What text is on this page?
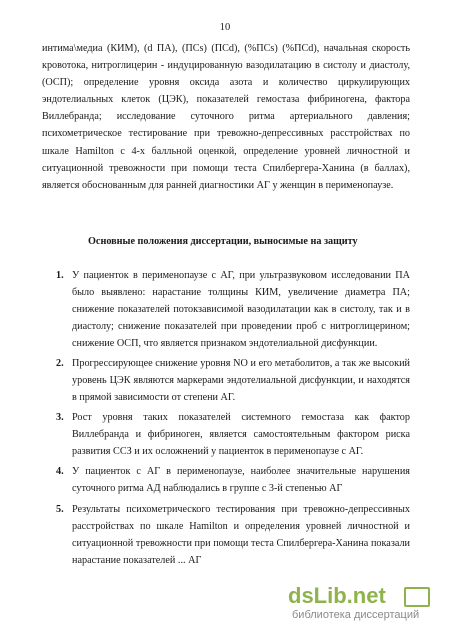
10
интима\медиа (КИМ), (d ПА), (ПСs) (ПСd), (%ПСs) (%ПСd), начальная скорость кровотока, нитроглицерин - индуцированную вазодилатацию в систолу и диастолу, (ОСП); определение уровня оксида азота и количество циркулирующих эндотелиальных клеток (ЦЭК), показателей гемостаза фибриногена, фактора Виллебранда; исследование суточного ритма артериального давления; психометрическое тестирование при тревожно-депрессивных расстройствах по шкале Hamilton с 4-х балльной оценкой, определение уровней личностной и ситуационной тревожности при помощи теста Спилбергера-Ханина (в баллах), является обоснованным для ранней диагностики АГ у женщин в перименопаузе.
Основные положения диссертации, выносимые на защиту
1. У пациенток в перименопаузе с АГ, при ультразвуковом исследовании ПА было выявлено: нарастание толщины КИМ, увеличение диаметра ПА; снижение показателей потокзависимой вазодилатации как в систолу, так и в диастолу; снижение показателей при проведении проб с нитроглицерином; снижение ОСП, что является признаком эндотелиальной дисфункции.
2. Прогрессирующее снижение уровня NO и его метаболитов, а так же высокий уровень ЦЭК являются маркерами эндотелиальной дисфункции, и находятся в прямой зависимости от степени АГ.
3. Рост уровня таких показателей системного гемостаза как фактор Виллебранда и фибриноген, является самостоятельным фактором риска развития ССЗ и их осложнений у пациенток в перименопаузе с АГ.
4. У пациенток с АГ в перименопаузе, наиболее значительные нарушения суточного ритма АД наблюдались в группе с 3-й степенью АГ
5. Результаты психометрического тестирования при тревожно-депрессивных расстройствах по шкале Hamilton и определения уровней личностной и ситуационной тревожности при помощи теста Спилбергера-Ханина показали нарастание показателей ... АГ
dsLib.net
библиотека диссертаций
